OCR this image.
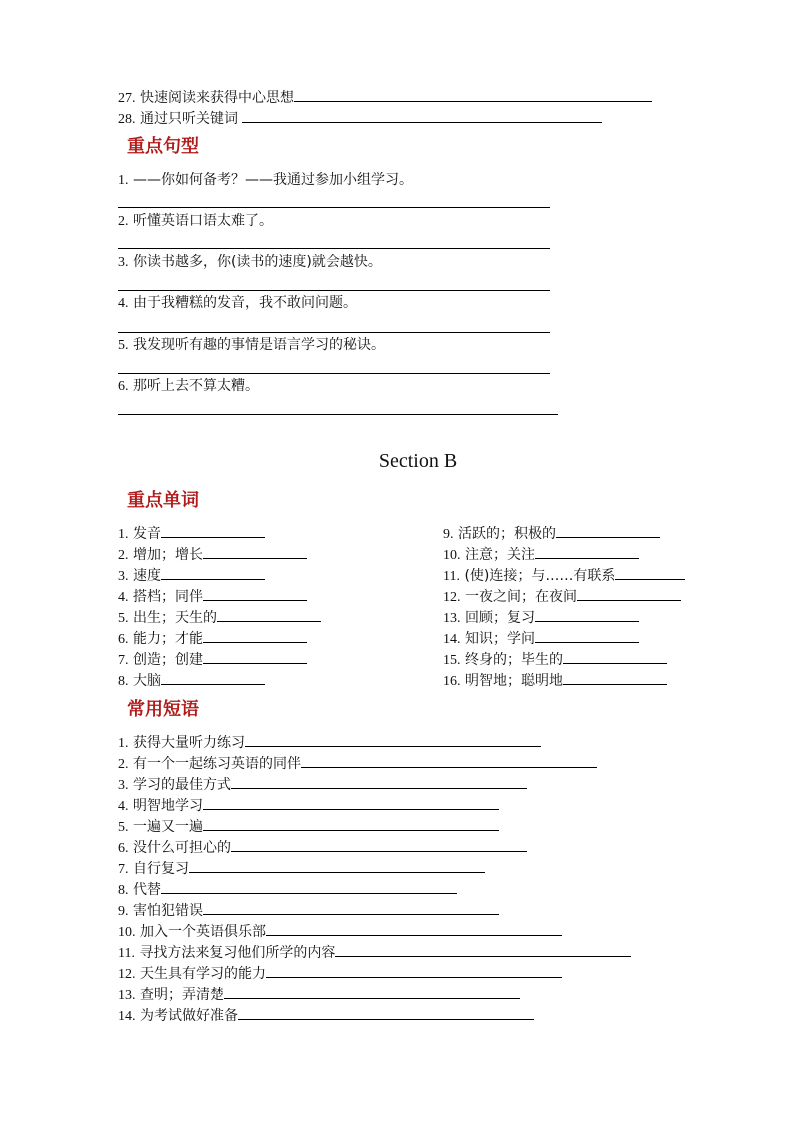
27. 快速阅读来获得中心思想
28. 通过只听关键词
重点句型
1. ——你如何备考？——我通过参加小组学习。
2. 听懂英语口语太难了。
3. 你读书越多，你(读书的速度)就会越快。
4. 由于我糟糕的发音，我不敢问问题。
5. 我发现听有趣的事情是语言学习的秘诀。
6. 那听上去不算太糟。
Section B
重点单词
1. 发音
2. 增加；增长
3. 速度
4. 搭档；同伴
5. 出生；天生的
6. 能力；才能
7. 创造；创建
8. 大脑
9. 活跃的；积极的
10. 注意；关注
11. (使)连接；与……有联系
12. 一夜之间；在夜间
13. 回顾；复习
14. 知识；学问
15. 终身的；毕生的
16. 明智地；聪明地
常用短语
1. 获得大量听力练习
2. 有一个一起练习英语的同伴
3. 学习的最佳方式
4. 明智地学习
5. 一遍又一遍
6. 没什么可担心的
7. 自行复习
8. 代替
9. 害怕犯错误
10. 加入一个英语俱乐部
11. 寻找方法来复习他们所学的内容
12. 天生具有学习的能力
13. 查明；弄清楚
14. 为考试做好准备
